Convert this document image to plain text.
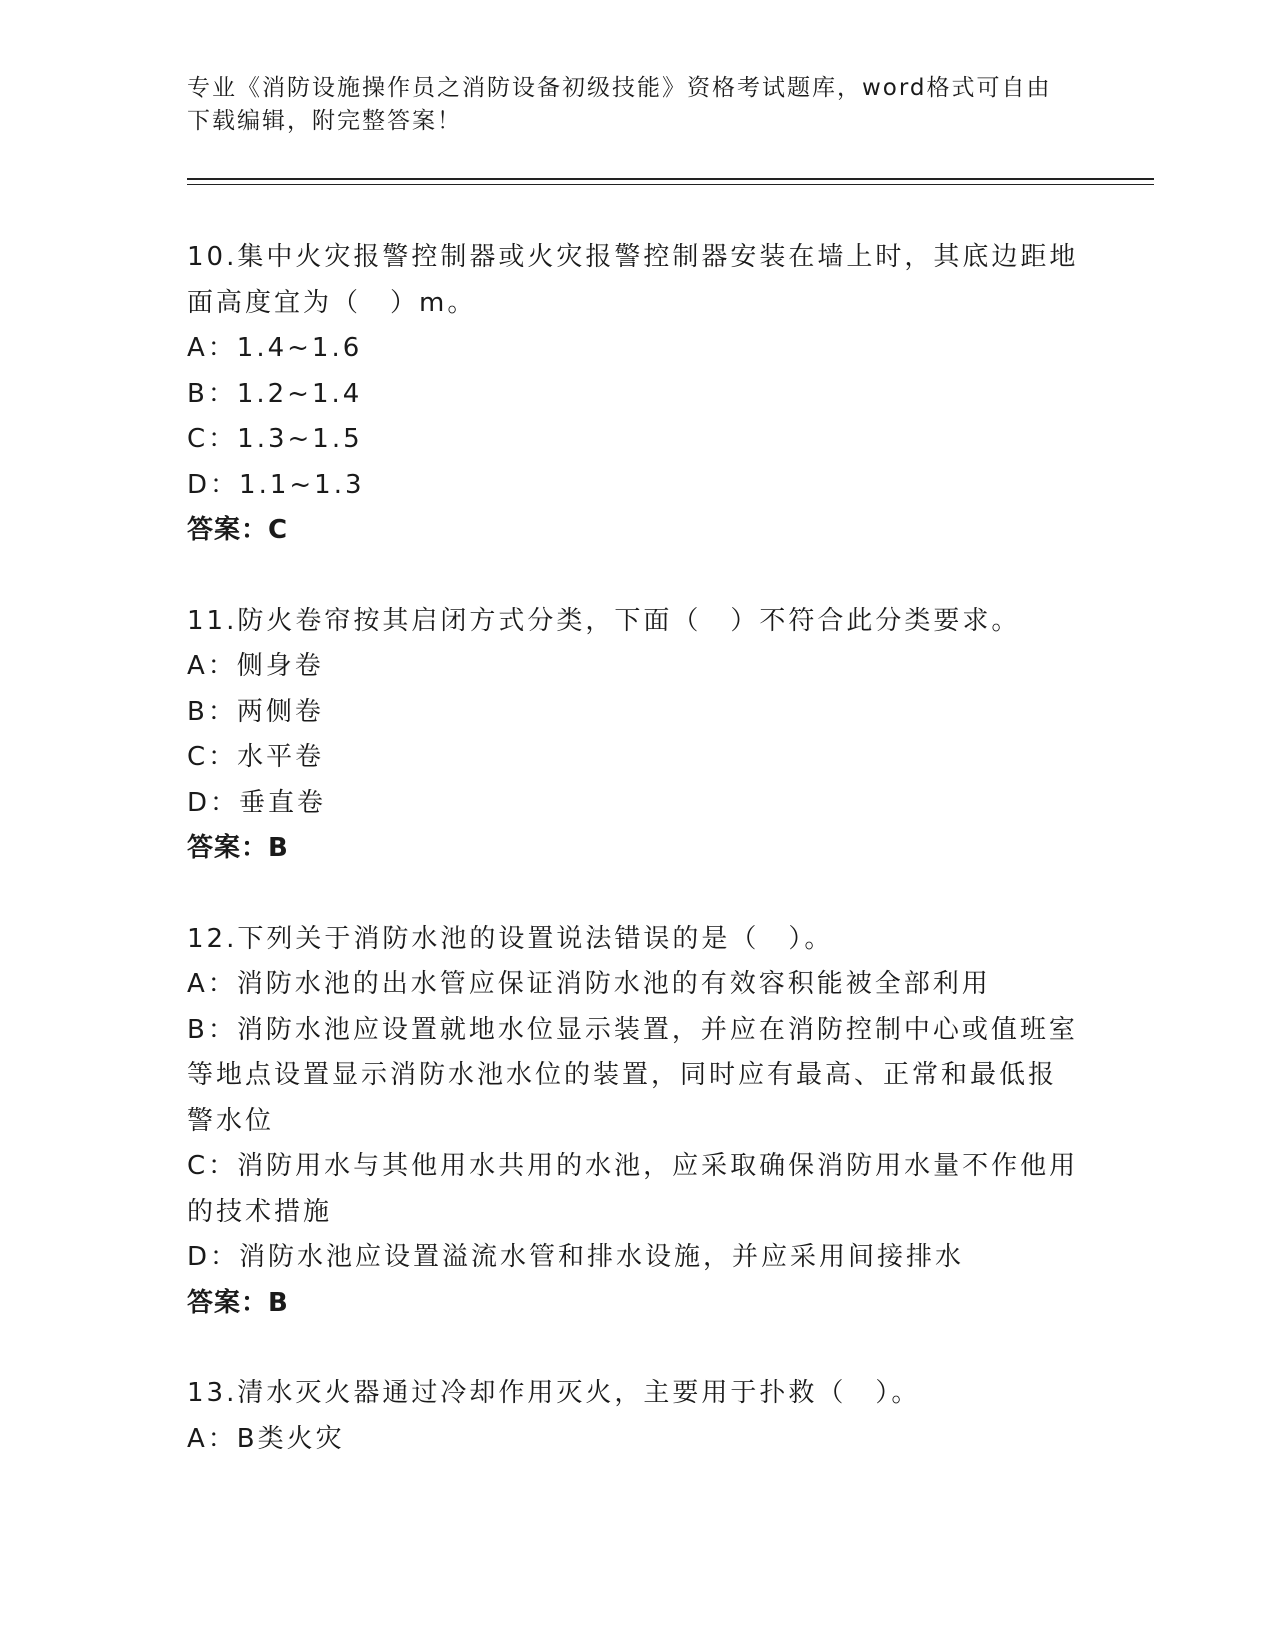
专业《消防设施操作员之消防设备初级技能》资格考试题库，word格式可自由下载编辑，附完整答案！
10.集中火灾报警控制器或火灾报警控制器安装在墙上时，其底边距地
面高度宜为（　）m。
A：1.4~1.6
B：1.2~1.4
C：1.3~1.5
D：1.1~1.3
答案：C
11.防火卷帘按其启闭方式分类，下面（　）不符合此分类要求。
A：侧身卷
B：两侧卷
C：水平卷
D：垂直卷
答案：B
12.下列关于消防水池的设置说法错误的是（　）。
A：消防水池的出水管应保证消防水池的有效容积能被全部利用
B：消防水池应设置就地水位显示装置，并应在消防控制中心或值班室
等地点设置显示消防水池水位的装置，同时应有最高、正常和最低报
警水位
C：消防用水与其他用水共用的水池，应采取确保消防用水量不作他用
的技术措施
D：消防水池应设置溢流水管和排水设施，并应采用间接排水
答案：B
13.清水灭火器通过冷却作用灭火，主要用于扑救（　）。
A：B类火灾
